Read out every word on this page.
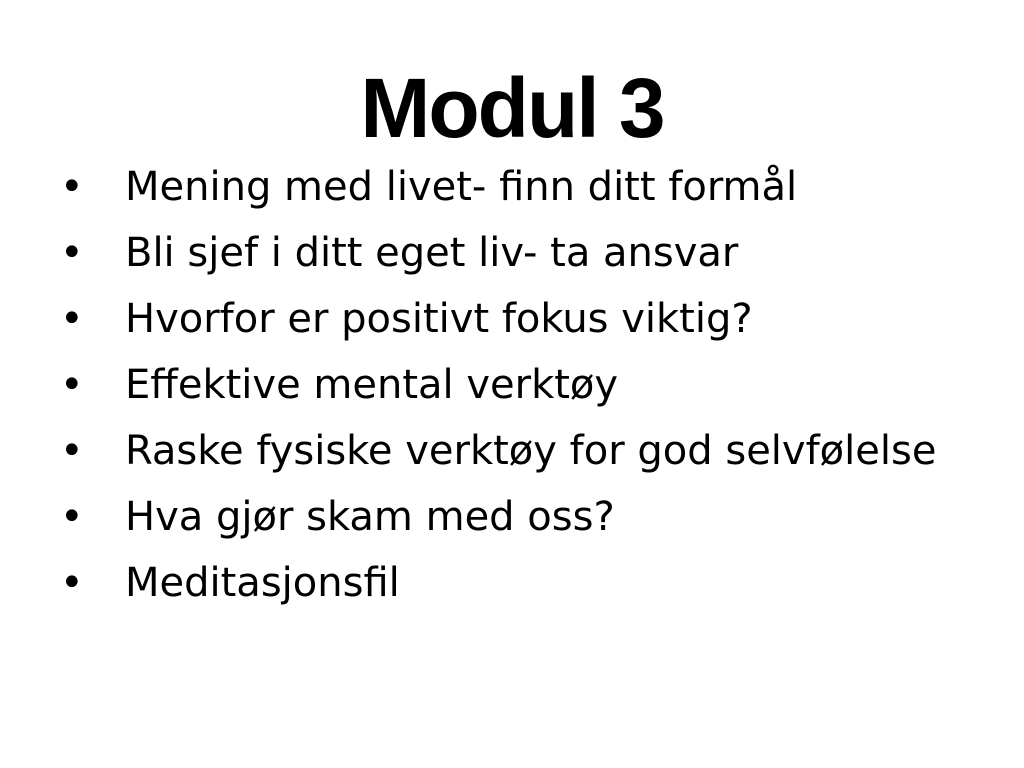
Modul 3
• Mening med livet- finn ditt formål
• Bli sjef i ditt eget liv- ta ansvar
• Hvorfor er positivt fokus viktig?
• Effektive mental verktøy
• Raske fysiske verktøy for god selvfølelse
• Hva gjør skam med oss?
• Meditasjonsfil
